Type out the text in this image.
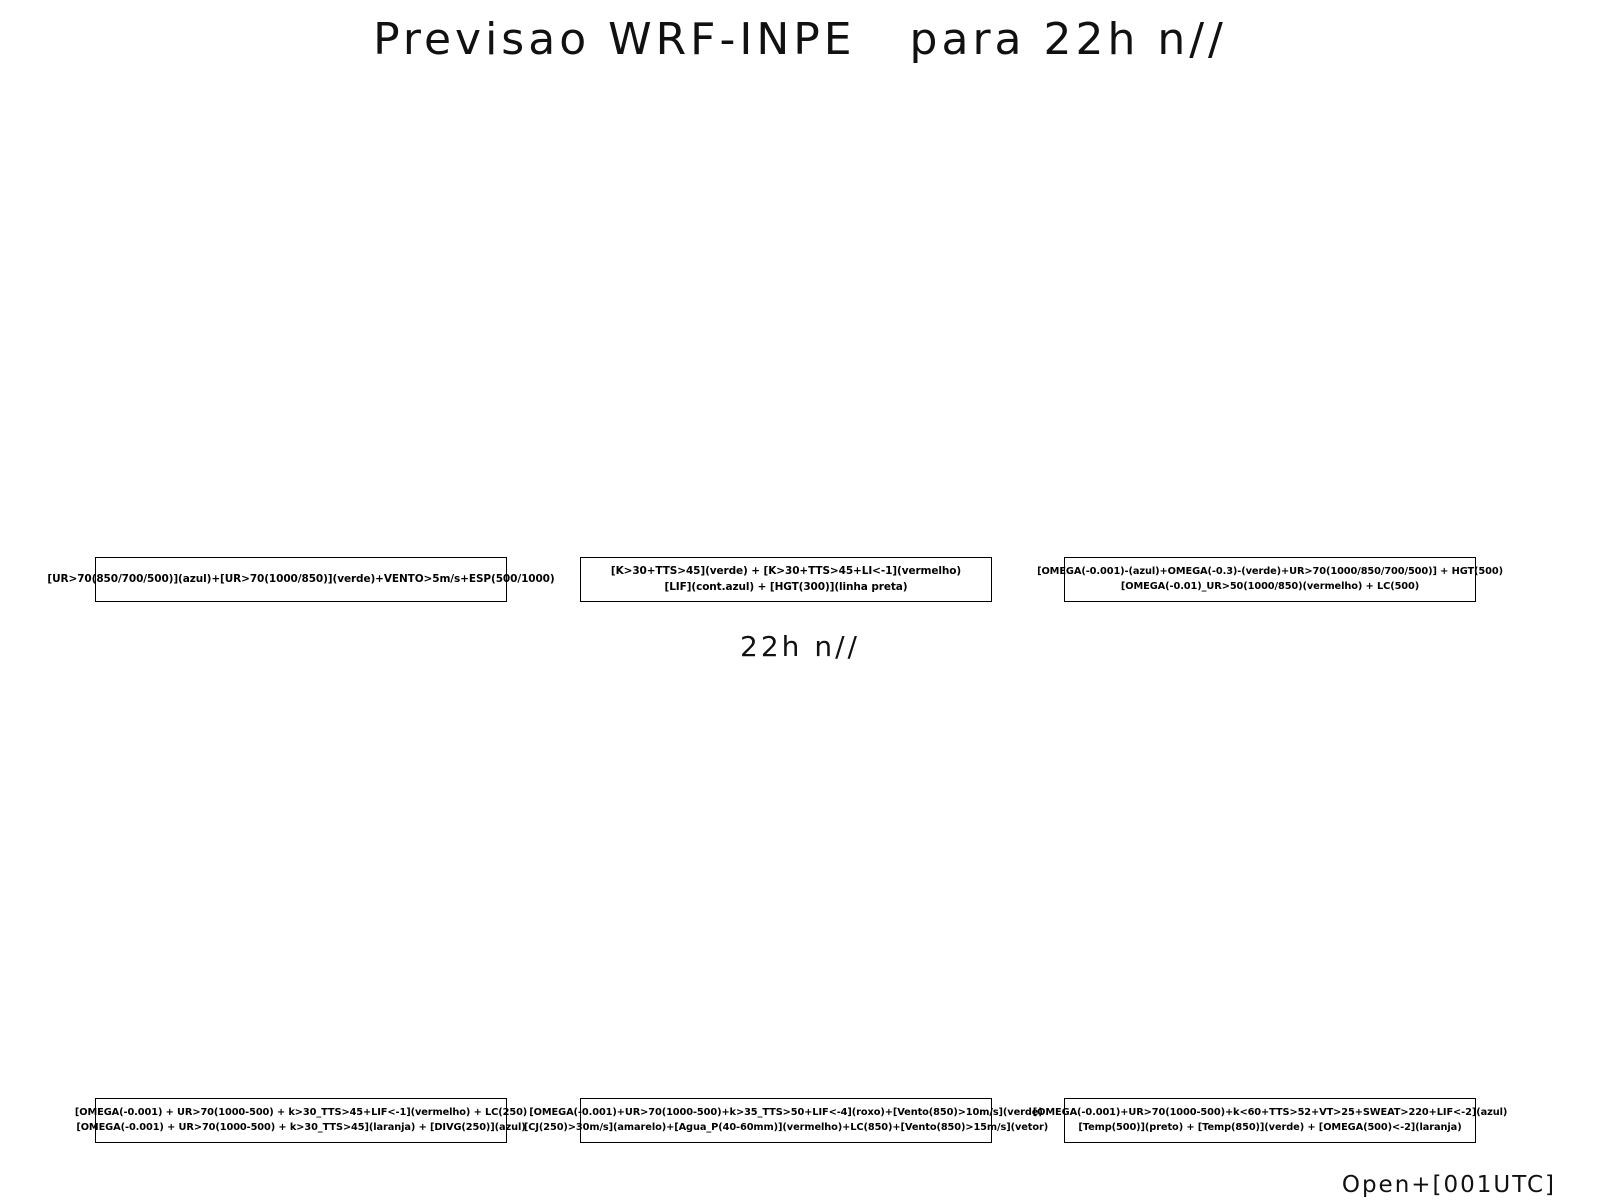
Previsao WRF-INPE   para 22h n//
[UR>70(850/700/500)](azul)+[UR>70(1000/850)](verde)+VENTO>5m/s+ESP(500/1000)
[K>30+TTS>45](verde) + [K>30+TTS>45+LI<-1](vermelho)
[LIF](cont.azul) + [HGT(300)](linha preta)
[OMEGA(-0.001)-(azul)+OMEGA(-0.3)-(verde)+UR>70(1000/850/700/500)] + HGT(500)
[OMEGA(-0.01)_UR>50(1000/850)(vermelho) + LC(500)
22h n//
[OMEGA(-0.001) + UR>70(1000-500) + k>30_TTS>45+LIF<-1](vermelho) + LC(250)
[OMEGA(-0.001) + UR>70(1000-500) + k>30_TTS>45](laranja) + [DIVG(250)](azul)
[OMEGA(-0.001)+UR>70(1000-500)+k>35_TTS>50+LIF<-4](roxo)+[Vento(850)>10m/s](verde)
[CJ(250)>30m/s](amarelo)+[Agua_P(40-60mm)](vermelho)+LC(850)+[Vento(850)>15m/s](vetor)
[OMEGA(-0.001)+UR>70(1000-500)+k<60+TTS>52+VT>25+SWEAT>220+LIF<-2](azul)
[Temp(500)](preto) + [Temp(850)](verde) + [OMEGA(500)<-2](laranja)
Open+[001UTC]
